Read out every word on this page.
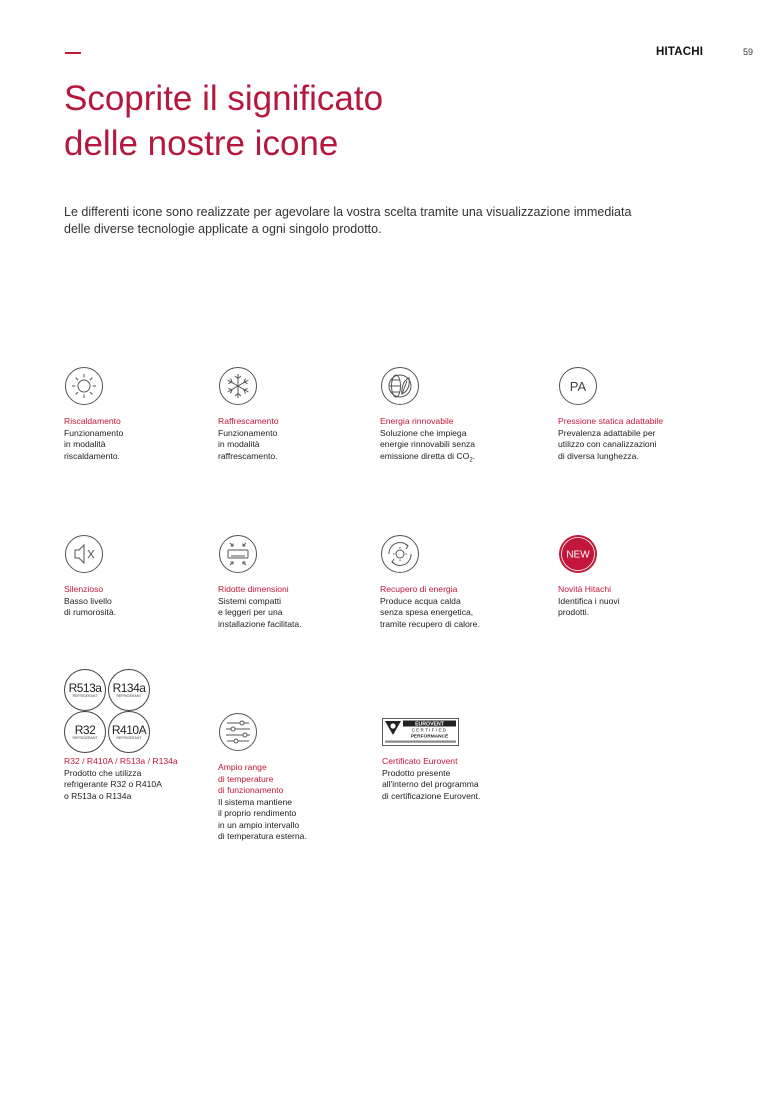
HITACHI	59
Scoprite il significato
delle nostre icone

Le differenti icone sono realizzate per agevolare la vostra scelta tramite una visualizzazione immediata
delle diverse tecnologie applicate a ogni singolo prodotto.

Riscaldamento
Funzionamento
in modalità
riscaldamento.
Raffrescamento
Funzionamento
in modalità
raffrescamento.
Energia rinnovabile
Soluzione che impiega
energie rinnovabili senza
emissione diretta di $CO_2$.
PA
Pressione statica adattabile
Prevalenza adattabile per
utilizzo con canalizzazioni
di diversa lunghezza.
Silenzioso
Basso livello
di rumorosità.
Ridotte dimensioni
Sistemi compatti
e leggeri per una
installazione facilitata.
Recupero di energia
Produce acqua calda
senza spesa energetica,
tramite recupero di calore.
NEW
Novità Hitachi
Identifica i nuovi
prodotti.
R513a
REFRIGERANT
R134a
REFRIGERANT
R32
REFRIGERANT
R410A
REFRIGERANT
R32 / R410A / R513a / R134a
Prodotto che utilizza
refrigerante R32 o R410A
o R513a o R134a
Ampio range
di temperature
di funzionamento
Il sistema mantiene
il proprio rendimento
in un ampio intervallo
di temperatura esterna.
EUROVENT
CERTIFIED
PERFORMANCE
Certificato Eurovent
Prodotto presente
all'interno del programma
di certificazione Eurovent.
